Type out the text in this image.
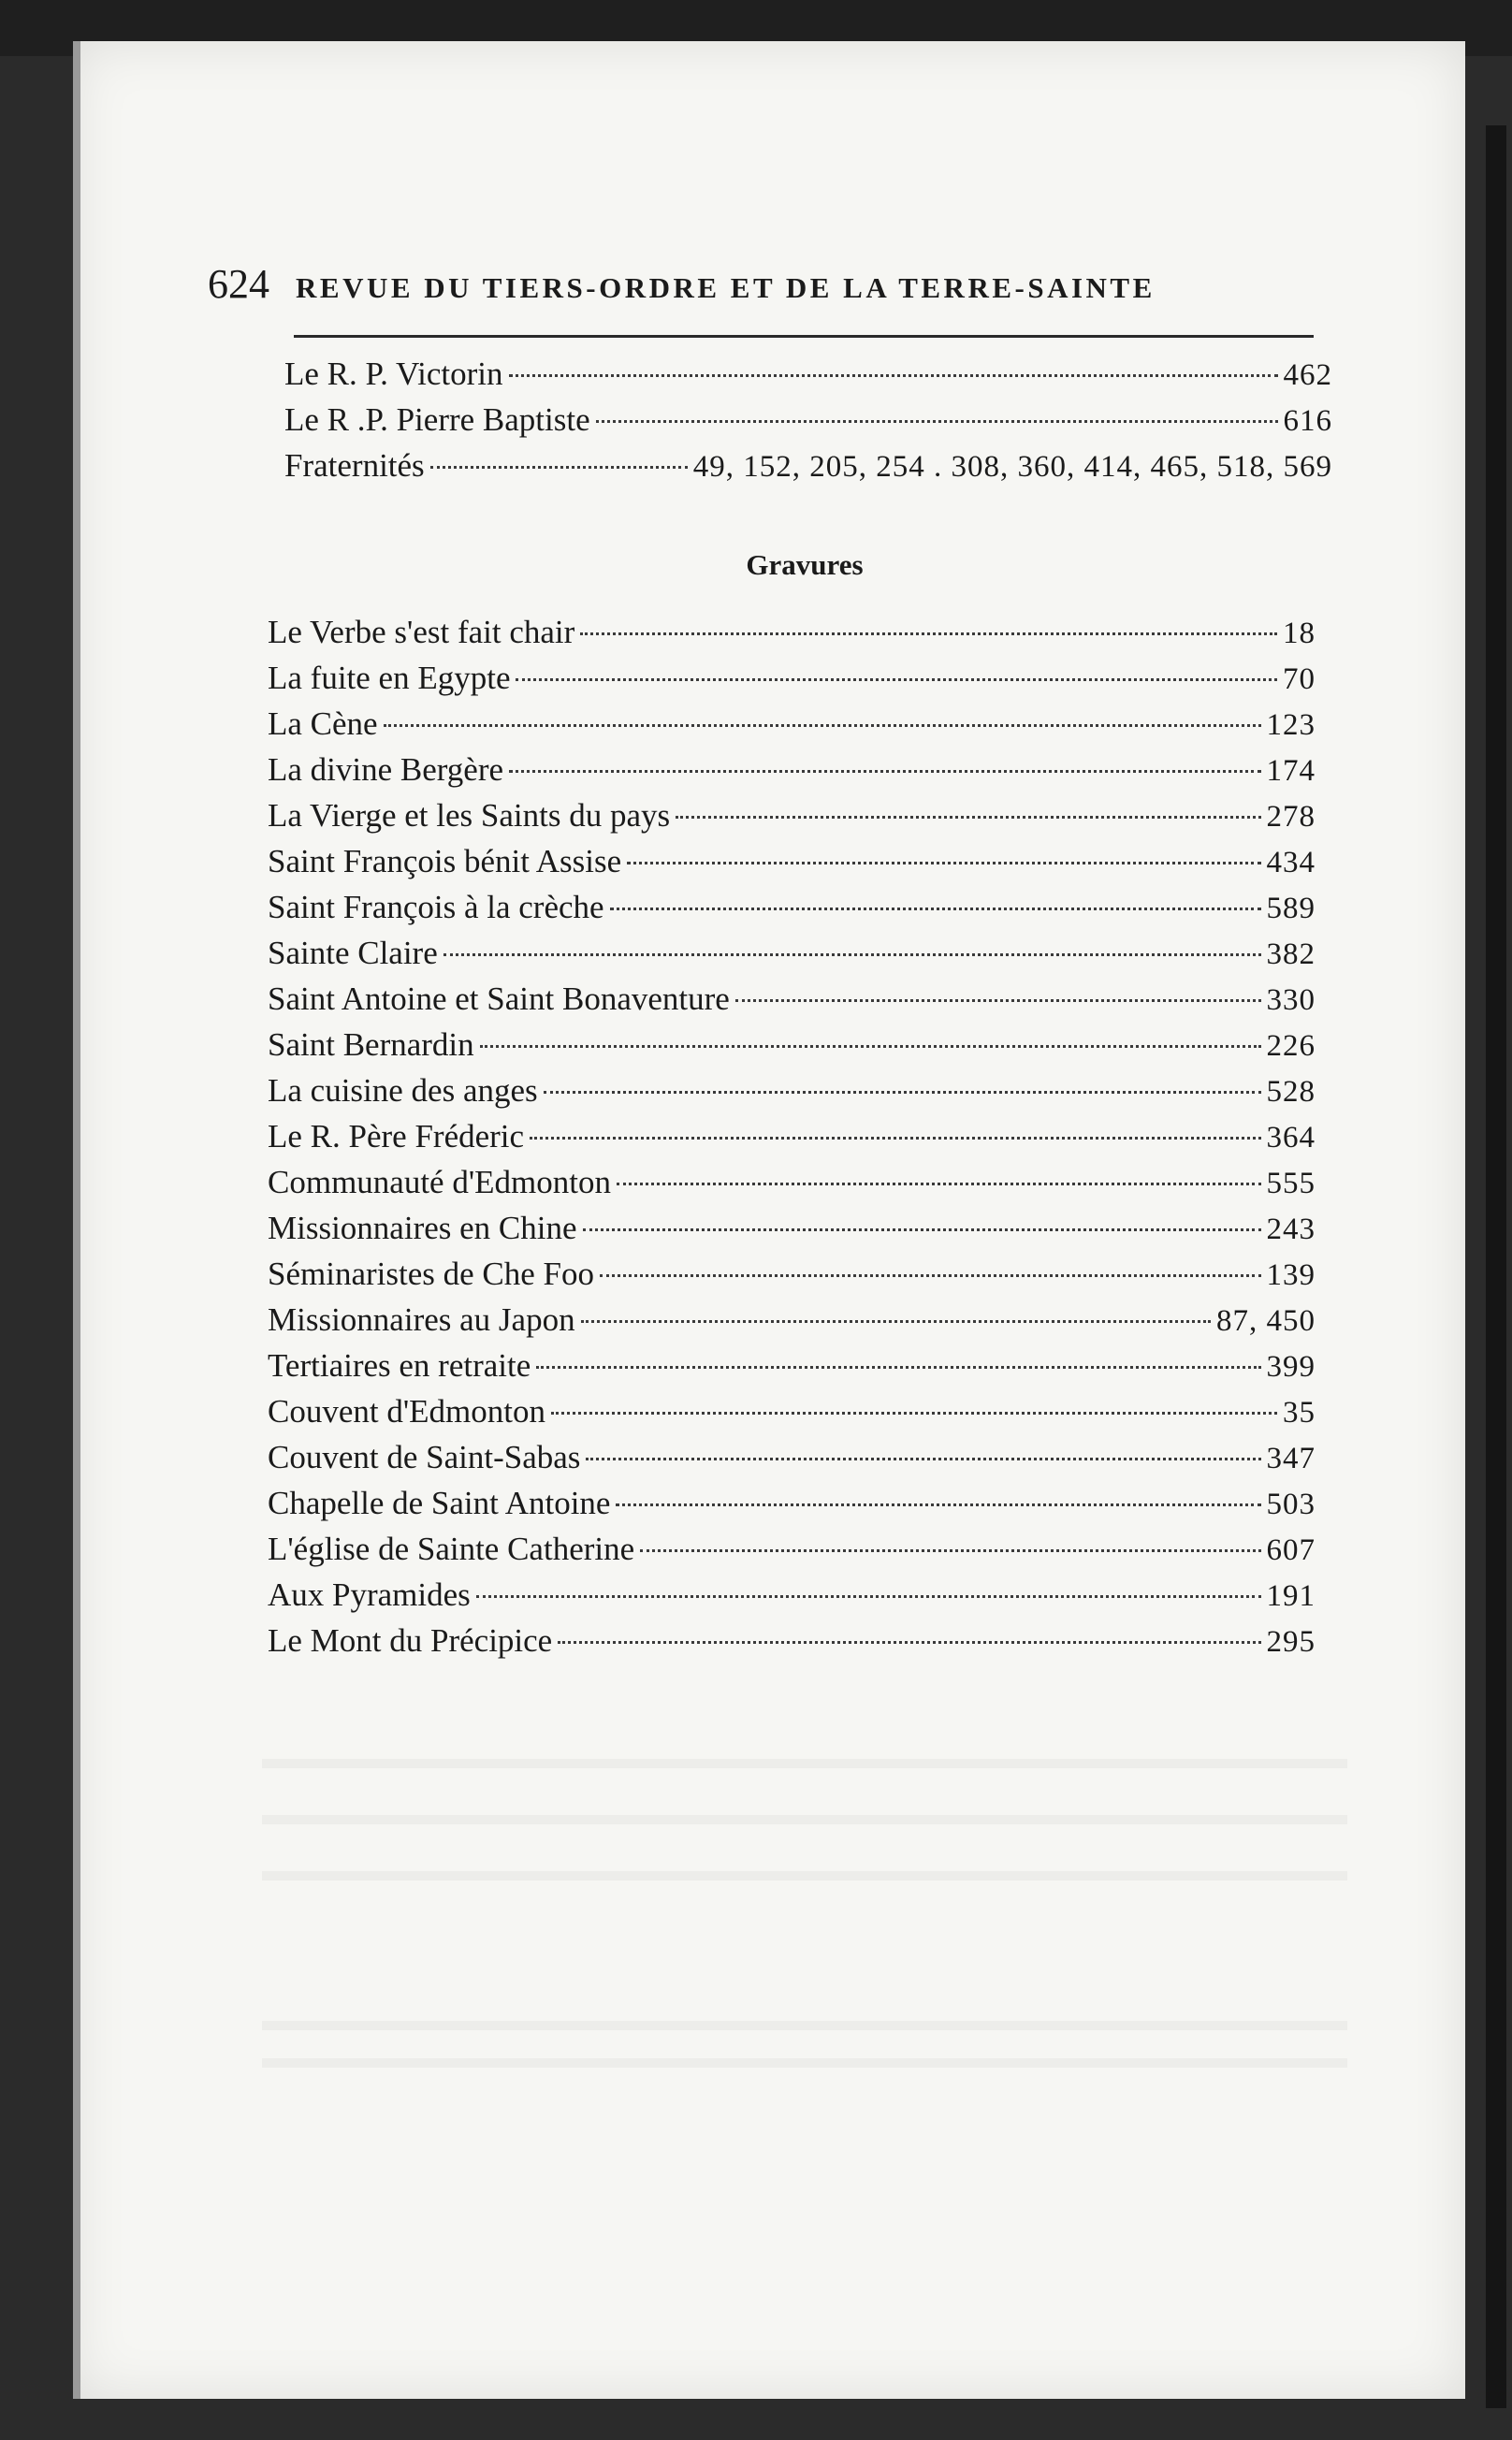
624 REVUE DU TIERS-ORDRE ET DE LA TERRE-SAINTE
Le R. P. Victorin	462
Le R .P. Pierre Baptiste	616
Fraternités	49, 152, 205, 254 . 308, 360, 414, 465, 518, 569
Gravures
Le Verbe s'est fait chair	18
La fuite en Egypte	70
La Cène	123
La divine Bergère	174
La Vierge et les Saints du pays	278
Saint François bénit Assise	434
Saint François à la crèche	589
Sainte Claire	382
Saint Antoine et Saint Bonaventure	330
Saint Bernardin	226
La cuisine des anges	528
Le R. Père Fréderic	364
Communauté d'Edmonton	555
Missionnaires en Chine	243
Séminaristes de Che Foo	139
Missionnaires au Japon	87, 450
Tertiaires en retraite	399
Couvent d'Edmonton	35
Couvent de Saint-Sabas	347
Chapelle de Saint Antoine	503
L'église de Sainte Catherine	607
Aux Pyramides	191
Le Mont du Précipice	295
